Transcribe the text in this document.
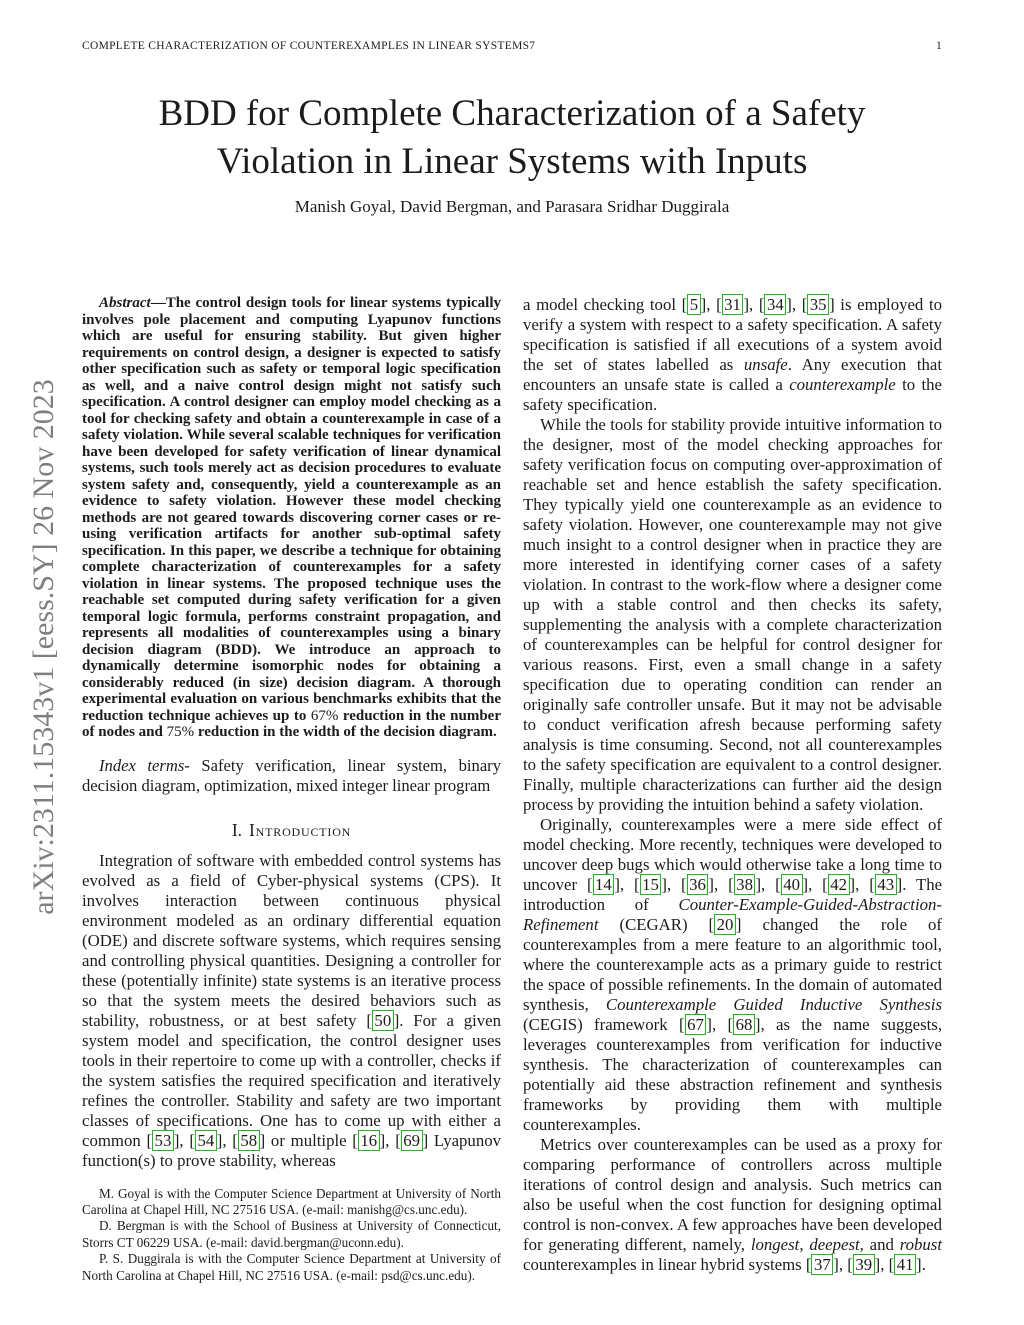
COMPLETE CHARACTERIZATION OF COUNTEREXAMPLES IN LINEAR SYSTEMS7	1
arXiv:2311.15343v1 [eess.SY] 26 Nov 2023
BDD for Complete Characterization of a Safety
Violation in Linear Systems with Inputs
Manish Goyal, David Bergman, and Parasara Sridhar Duggirala

Abstract—The control design tools for linear systems typically involves pole placement and computing Lyapunov functions which are useful for ensuring stability. But given higher requirements on control design, a designer is expected to satisfy other specification such as safety or temporal logic specification as well, and a naive control design might not satisfy such specification. A control designer can employ model checking as a tool for checking safety and obtain a counterexample in case of a safety violation. While several scalable techniques for verification have been developed for safety verification of linear dynamical systems, such tools merely act as decision procedures to evaluate system safety and, consequently, yield a counterexample as an evidence to safety violation. However these model checking methods are not geared towards discovering corner cases or re-using verification artifacts for another sub-optimal safety specification. In this paper, we describe a technique for obtaining complete characterization of counterexamples for a safety violation in linear systems. The proposed technique uses the reachable set computed during safety verification for a given temporal logic formula, performs constraint propagation, and represents all modalities of counterexamples using a binary decision diagram (BDD). We introduce an approach to dynamically determine isomorphic nodes for obtaining a considerably reduced (in size) decision diagram. A thorough experimental evaluation on various benchmarks exhibits that the reduction technique achieves up to 67% reduction in the number of nodes and 75% reduction in the width of the decision diagram.

Index terms- Safety verification, linear system, binary decision diagram, optimization, mixed integer linear program

I. Introduction

Integration of software with embedded control systems has evolved as a field of Cyber-physical systems (CPS). It involves interaction between continuous physical environment modeled as an ordinary differential equation (ODE) and discrete software systems, which requires sensing and controlling physical quantities. Designing a controller for these (potentially infinite) state systems is an iterative process so that the system meets the desired behaviors such as stability, robustness, or at best safety [ 50 ]. For a given system model and specification, the control designer uses tools in their repertoire to come up with a controller, checks if the system satisfies the required specification and iteratively refines the controller. Stability and safety are two important classes of specifications. One has to come up with either a common [ 53 ], [ 54 ], [ 58 ] or multiple [ 16 ], [ 69 ] Lyapunov function(s) to prove stability, whereas

M. Goyal is with the Computer Science Department at University of North Carolina at Chapel Hill, NC 27516 USA. (e-mail: manishg@cs.unc.edu).

D. Bergman is with the School of Business at University of Connecticut, Storrs CT 06229 USA. (e-mail: david.bergman@uconn.edu).

P. S. Duggirala is with the Computer Science Department at University of North Carolina at Chapel Hill, NC 27516 USA. (e-mail: psd@cs.unc.edu).

a model checking tool [ 5 ], [ 31 ], [ 34 ], [ 35 ] is employed to verify a system with respect to a safety specification. A safety specification is satisfied if all executions of a system avoid the set of states labelled as unsafe. Any execution that encounters an unsafe state is called a counterexample to the safety specification.

While the tools for stability provide intuitive information to the designer, most of the model checking approaches for safety verification focus on computing over-approximation of reachable set and hence establish the safety specification. They typically yield one counterexample as an evidence to safety violation. However, one counterexample may not give much insight to a control designer when in practice they are more interested in identifying corner cases of a safety violation. In contrast to the work-flow where a designer come up with a stable control and then checks its safety, supplementing the analysis with a complete characterization of counterexamples can be helpful for control designer for various reasons. First, even a small change in a safety specification due to operating condition can render an originally safe controller unsafe. But it may not be advisable to conduct verification afresh because performing safety analysis is time consuming. Second, not all counterexamples to the safety specification are equivalent to a control designer. Finally, multiple characterizations can further aid the design process by providing the intuition behind a safety violation.

Originally, counterexamples were a mere side effect of model checking. More recently, techniques were developed to uncover deep bugs which would otherwise take a long time to uncover [ 14 ], [ 15 ], [ 36 ], [ 38 ], [ 40 ], [ 42 ], [ 43 ]. The introduction of Counter-Example-Guided-Abstraction-Refinement (CEGAR) [ 20 ] changed the role of counterexamples from a mere feature to an algorithmic tool, where the counterexample acts as a primary guide to restrict the space of possible refinements. In the domain of automated synthesis, Counterexample Guided Inductive Synthesis (CEGIS) framework [ 67 ], [ 68 ], as the name suggests, leverages counterexamples from verification for inductive synthesis. The characterization of counterexamples can potentially aid these abstraction refinement and synthesis frameworks by providing them with multiple counterexamples.

Metrics over counterexamples can be used as a proxy for comparing performance of controllers across multiple iterations of control design and analysis. Such metrics can also be useful when the cost function for designing optimal control is non-convex. A few approaches have been developed for generating different, namely, longest, deepest, and robust counterexamples in linear hybrid systems [ 37 ], [ 39 ], [ 41 ].
